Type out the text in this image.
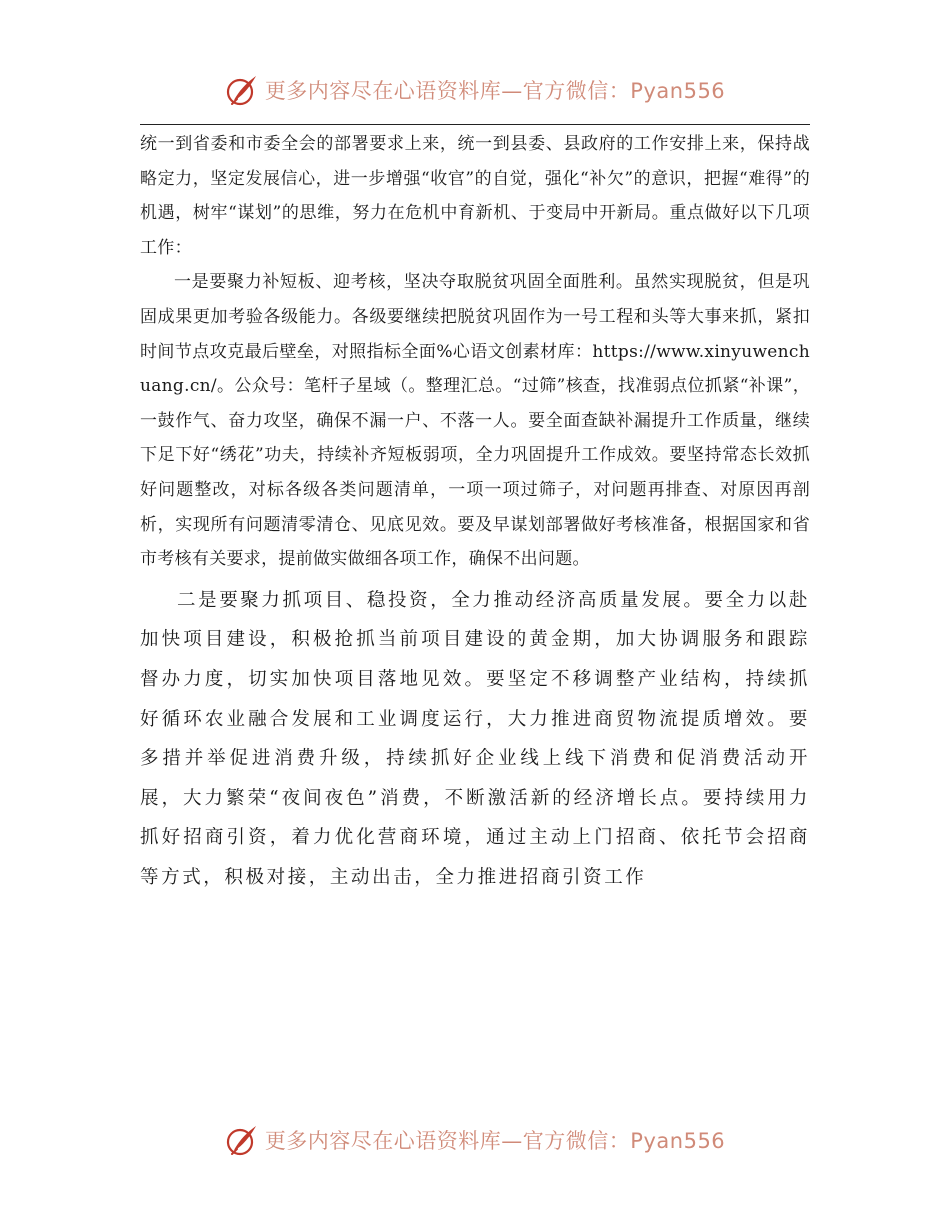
更多内容尽在心语资料库—官方微信：Pyan556

统一到省委和市委全会的部署要求上来，统一到县委、县政府的工作安排上来，保持战略定力，坚定发展信心，进一步增强“收官”的自觉，强化“补欠”的意识，把握“难得”的机遇，树牢“谋划”的思维，努力在危机中育新机、于变局中开新局。重点做好以下几项工作：

一是要聚力补短板、迎考核，坚决夺取脱贫巩固全面胜利。虽然实现脱贫，但是巩固成果更加考验各级能力。各级要继续把脱贫巩固作为一号工程和头等大事来抓，紧扣时间节点攻克最后壁垒，对照指标全面%心语文创素材库：https://www.xinyuwenchuang.cn/。公众号：笔杆子星域（。整理汇总。“过筛”核查，找准弱点位抓紧“补课”，一鼓作气、奋力攻坚，确保不漏一户、不落一人。要全面查缺补漏提升工作质量，继续下足下好“绣花”功夫，持续补齐短板弱项，全力巩固提升工作成效。要坚持常态长效抓好问题整改，对标各级各类问题清单，一项一项过筛子，对问题再排查、对原因再剖析，实现所有问题清零清仓、见底见效。要及早谋划部署做好考核准备，根据国家和省市考核有关要求，提前做实做细各项工作，确保不出问题。

二是要聚力抓项目、稳投资，全力推动经济高质量发展。要全力以赴加快项目建设，积极抢抓当前项目建设的黄金期，加大协调服务和跟踪督办力度，切实加快项目落地见效。要坚定不移调整产业结构，持续抓好循环农业融合发展和工业调度运行，大力推进商贸物流提质增效。要多措并举促进消费升级，持续抓好企业线上线下消费和促消费活动开展，大力繁荣“夜间夜色”消费，不断激活新的经济增长点。要持续用力抓好招商引资，着力优化营商环境，通过主动上门招商、依托节会招商等方式，积极对接，主动出击，全力推进招商引资工作

更多内容尽在心语资料库—官方微信：Pyan556
